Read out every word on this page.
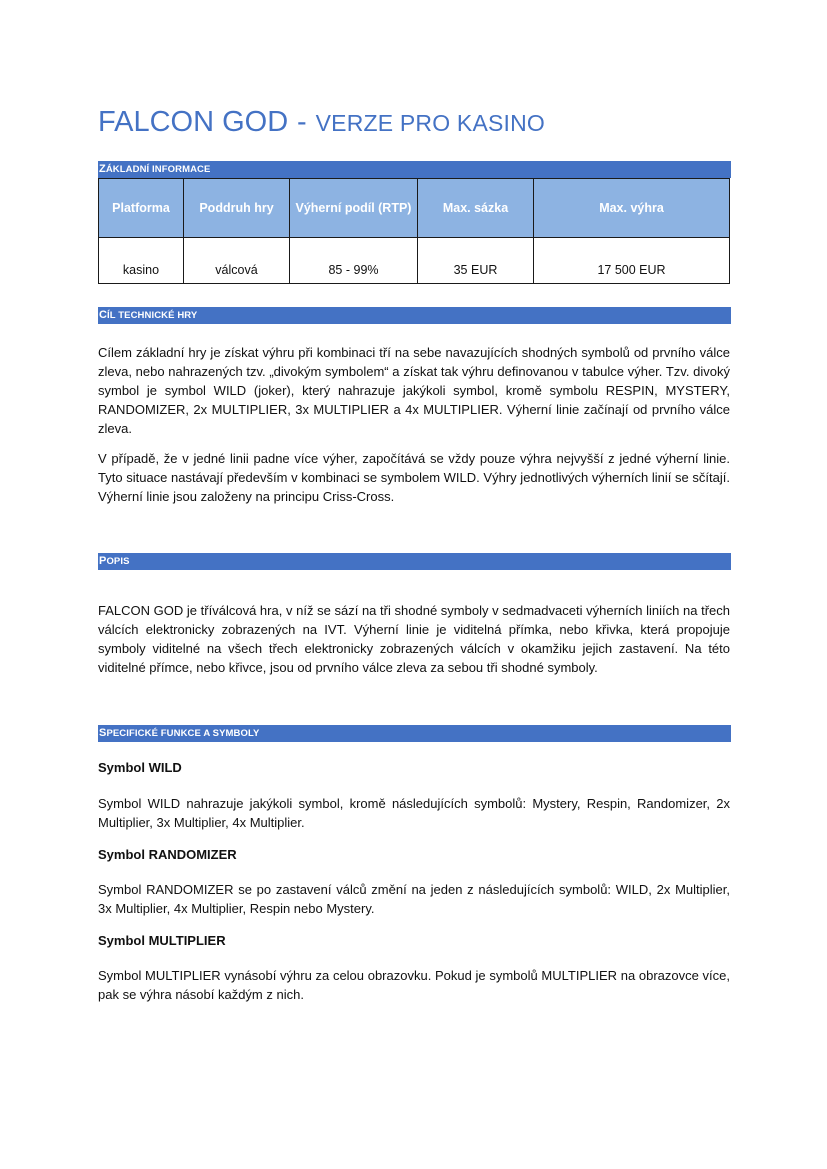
FALCON GOD - VERZE PRO KASINO
ZÁKLADNÍ INFORMACE
Platforma	Poddruh hry	Výherní podíl (RTP)	Max. sázka	Max. výhra
kasino	válcová	85 - 99%	35 EUR	17 500 EUR
CÍL TECHNICKÉ HRY

Cílem základní hry je získat výhru při kombinaci tří na sebe navazujících shodných symbolů od prvního válce zleva, nebo nahrazených tzv. „divokým symbolem“ a získat tak výhru definovanou v tabulce výher. Tzv. divoký symbol je symbol WILD (joker), který nahrazuje jakýkoli symbol, kromě symbolu RESPIN, MYSTERY, RANDOMIZER, 2x MULTIPLIER, 3x MULTIPLIER a 4x MULTIPLIER. Výherní linie začínají od prvního válce zleva.

V případě, že v jedné linii padne více výher, započítává se vždy pouze výhra nejvyšší z jedné výherní linie. Tyto situace nastávají především v kombinaci se symbolem WILD. Výhry jednotlivých výherních linií se sčítají. Výherní linie jsou založeny na principu Criss-Cross.

POPIS

FALCON GOD je tříválcová hra, v níž se sází na tři shodné symboly v sedmadvaceti výherních liniích na třech válcích elektronicky zobrazených na IVT. Výherní linie je viditelná přímka, nebo křivka, která propojuje symboly viditelné na všech třech elektronicky zobrazených válcích v okamžiku jejich zastavení. Na této viditelné přímce, nebo křivce, jsou od prvního válce zleva za sebou tři shodné symboly.

SPECIFICKÉ FUNKCE A SYMBOLY
Symbol WILD

Symbol WILD nahrazuje jakýkoli symbol, kromě následujících symbolů: Mystery, Respin, Randomizer, 2x Multiplier, 3x Multiplier, 4x Multiplier.

Symbol RANDOMIZER

Symbol RANDOMIZER se po zastavení válců změní na jeden z následujících symbolů: WILD, 2x Multiplier, 3x Multiplier, 4x Multiplier, Respin nebo Mystery.

Symbol MULTIPLIER

Symbol MULTIPLIER vynásobí výhru za celou obrazovku. Pokud je symbolů MULTIPLIER na obrazovce více, pak se výhra násobí každým z nich.
